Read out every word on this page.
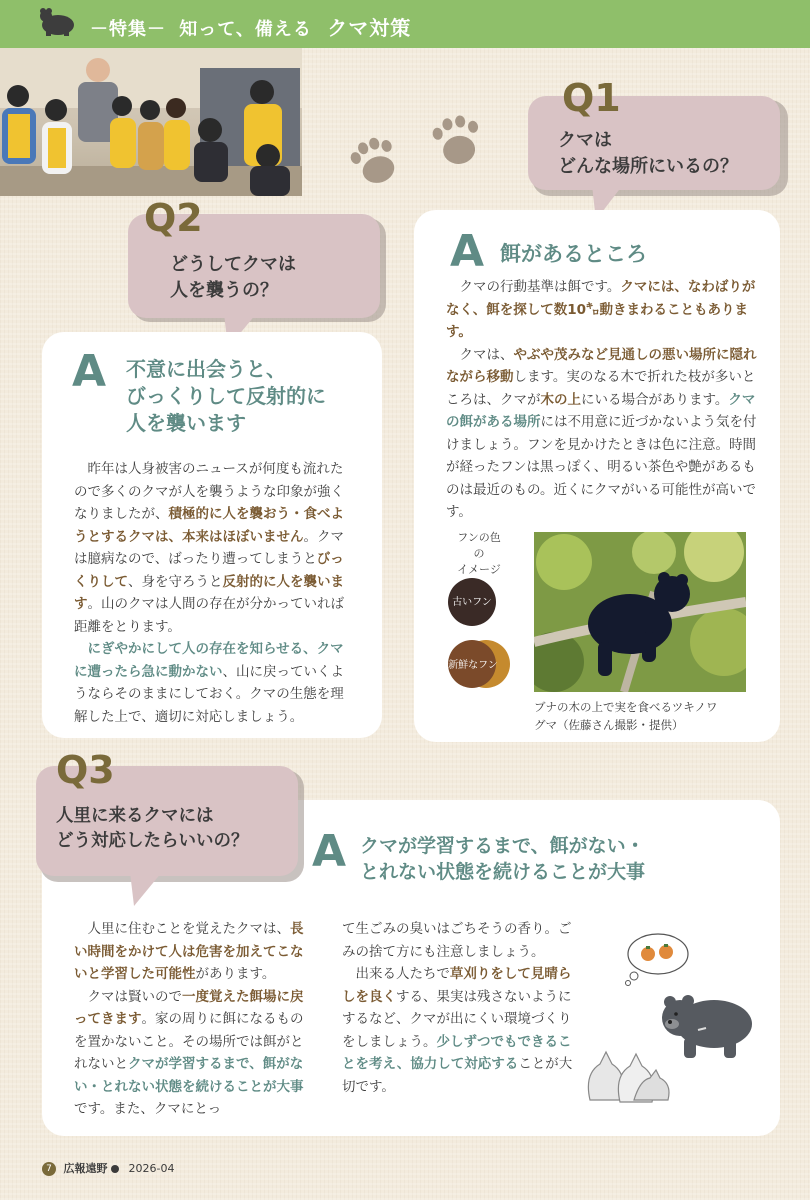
－特集－ 知って、備える クマ対策
Q1
クマは
どんな場所にいるの？
A 餌があるところ

クマの行動基準は餌です。クマには、なわばりがなく、餌を探して数10㌔動きまわることもあります。

クマは、やぶや茂みなど見通しの悪い場所に隠れながら移動します。実のなる木で折れた枝が多いところは、クマが木の上にいる場合があります。クマの餌がある場所には不用意に近づかないよう気を付けましょう。フンを見かけたときは色に注意。時間が経ったフンは黒っぽく、明るい茶色や艶があるものは最近のもの。近くにクマがいる可能性が高いです。

フンの色の
イメージ
古いフン
新鮮なフン
ブナの木の上で実を食べるツキノワ
グマ（佐藤さん撮影・提供）
Q2
どうしてクマは
人を襲うの？
A 不意に出会うと、
びっくりして反射的に
人を襲います

昨年は人身被害のニュースが何度も流れたので多くのクマが人を襲うような印象が強くなりましたが、積極的に人を襲おう・食べようとするクマは、本来はほぼいません。クマは臆病なので、ばったり遭ってしまうとびっくりして、身を守ろうと反射的に人を襲います。山のクマは人間の存在が分かっていれば距離をとります。

にぎやかにして人の存在を知らせる、クマに遭ったら急に動かない、山に戻っていくようならそのままにしておく。クマの生態を理解した上で、適切に対応しましょう。

Q3
人里に来るクマには
どう対応したらいいの？ A クマが学習するまで、餌がない・
とれない状態を続けることが大事

人里に住むことを覚えたクマは、長い時間をかけて人は危害を加えてこないと学習した可能性があります。

クマは賢いので一度覚えた餌場に戻ってきます。家の周りに餌になるものを置かないこと。その場所では餌がとれないとクマが学習するまで、餌がない・とれない状態を続けることが大事です。また、クマにとっ

て生ごみの臭いはごちそうの香り。ごみの捨て方にも注意しましょう。

出来る人たちで草刈りをして見晴らしを良くする、果実は残さないようにするなど、クマが出にくい環境づくりをしましょう。少しずつでもできることを考え、協力して対応することが大切です。

7 広報遠野 2026-04
